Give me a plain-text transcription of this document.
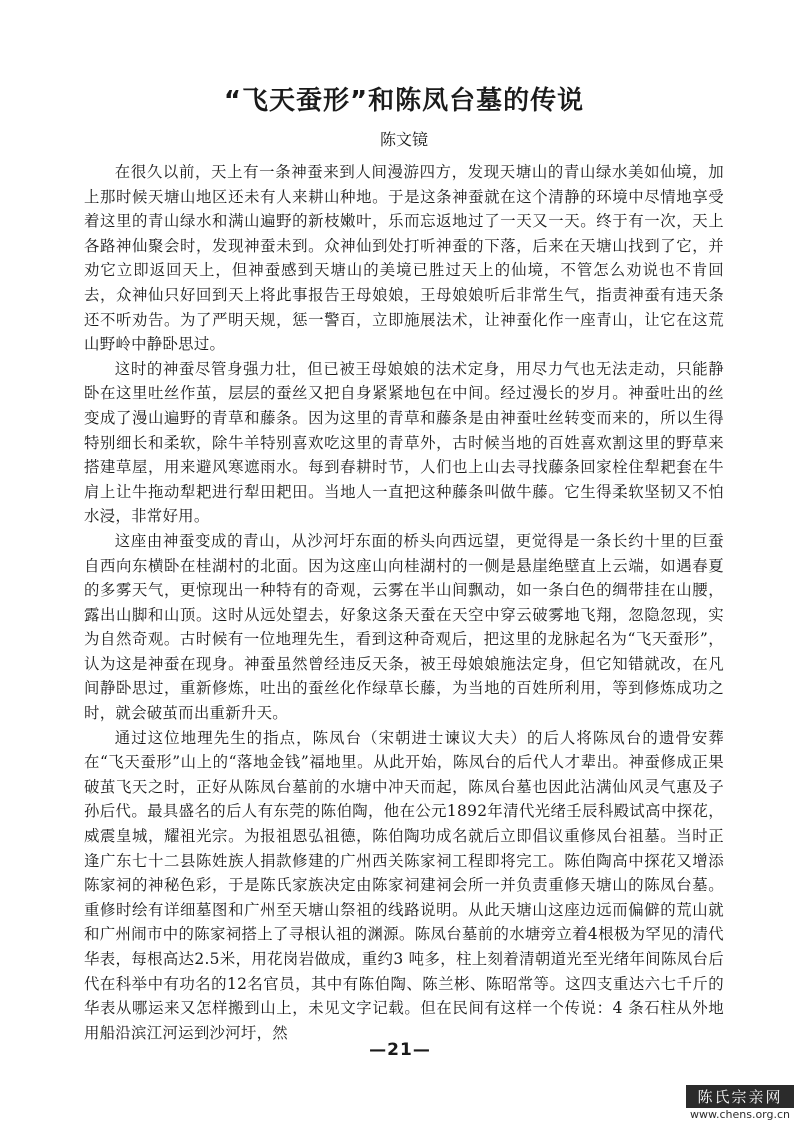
“飞天蚕形”和陈凤台墓的传说
陈文镜

在很久以前，天上有一条神蚕来到人间漫游四方，发现天塘山的青山绿水美如仙境，加上那时候天塘山地区还未有人来耕山种地。于是这条神蚕就在这个清静的环境中尽情地享受着这里的青山绿水和满山遍野的新枝嫩叶，乐而忘返地过了一天又一天。终于有一次，天上各路神仙聚会时，发现神蚕未到。众神仙到处打听神蚕的下落，后来在天塘山找到了它，并劝它立即返回天上，但神蚕感到天塘山的美境已胜过天上的仙境，不管怎么劝说也不肯回去，众神仙只好回到天上将此事报告王母娘娘，王母娘娘听后非常生气，指责神蚕有违天条还不听劝告。为了严明天规，惩一警百，立即施展法术，让神蚕化作一座青山，让它在这荒山野岭中静卧思过。

这时的神蚕尽管身强力壮，但已被王母娘娘的法术定身，用尽力气也无法走动，只能静卧在这里吐丝作茧，层层的蚕丝又把自身紧紧地包在中间。经过漫长的岁月。神蚕吐出的丝变成了漫山遍野的青草和藤条。因为这里的青草和藤条是由神蚕吐丝转变而来的，所以生得特别细长和柔软，除牛羊特别喜欢吃这里的青草外，古时候当地的百姓喜欢割这里的野草来搭建草屋，用来避风寒遮雨水。每到春耕时节，人们也上山去寻找藤条回家栓住犁耙套在牛肩上让牛拖动犁耙进行犁田耙田。当地人一直把这种藤条叫做牛藤。它生得柔软坚韧又不怕水浸，非常好用。

这座由神蚕变成的青山，从沙河圩东面的桥头向西远望，更觉得是一条长约十里的巨蚕自西向东横卧在桂湖村的北面。因为这座山向桂湖村的一侧是悬崖绝壁直上云端，如遇春夏的多雾天气，更惊现出一种特有的奇观，云雾在半山间飘动，如一条白色的绸带挂在山腰，露出山脚和山顶。这时从远处望去，好象这条天蚕在天空中穿云破雾地飞翔，忽隐忽现，实为自然奇观。古时候有一位地理先生，看到这种奇观后，把这里的龙脉起名为“飞天蚕形”，认为这是神蚕在现身。神蚕虽然曾经违反天条，被王母娘娘施法定身，但它知错就改，在凡间静卧思过，重新修炼，吐出的蚕丝化作绿草长藤，为当地的百姓所利用，等到修炼成功之时，就会破茧而出重新升天。

通过这位地理先生的指点，陈凤台（宋朝进士谏议大夫）的后人将陈凤台的遗骨安葬在“飞天蚕形”山上的“落地金钱”福地里。从此开始，陈凤台的后代人才辈出。神蚕修成正果破茧飞天之时，正好从陈凤台墓前的水塘中冲天而起，陈凤台墓也因此沾满仙风灵气惠及子孙后代。最具盛名的后人有东莞的陈伯陶，他在公元1892年清代光绪壬辰科殿试高中探花，威震皇城，耀祖光宗。为报祖恩弘祖德，陈伯陶功成名就后立即倡议重修凤台祖墓。当时正逢广东七十二县陈姓族人捐款修建的广州西关陈家祠工程即将完工。陈伯陶高中探花又增添陈家祠的神秘色彩，于是陈氏家族决定由陈家祠建祠会所一并负责重修天塘山的陈凤台墓。重修时绘有详细墓图和广州至天塘山祭祖的线路说明。从此天塘山这座边远而偏僻的荒山就和广州闹市中的陈家祠搭上了寻根认祖的渊源。陈凤台墓前的水塘旁立着4根极为罕见的清代华表，每根高达2.5米，用花岗岩做成，重约3 吨多，柱上刻着清朝道光至光绪年间陈凤台后代在科举中有功名的12名官员，其中有陈伯陶、陈兰彬、陈昭常等。这四支重达六七千斤的华表从哪运来又怎样搬到山上，未见文字记载。但在民间有这样一个传说：4 条石柱从外地用船沿滨江河运到沙河圩，然

—21—
陈氏宗亲网
www.chens.org.cn
